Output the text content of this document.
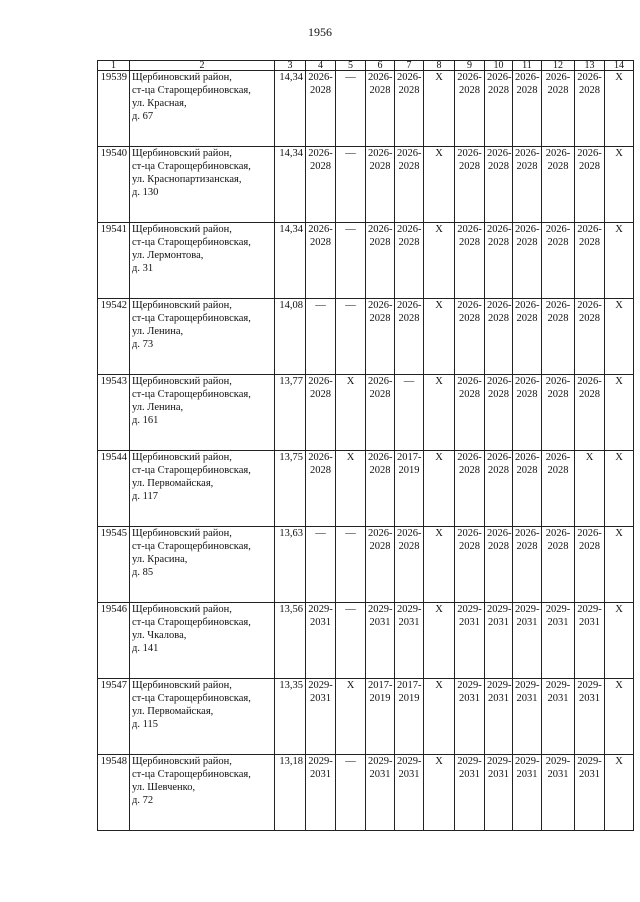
1956
1	2	3	4	5	6	7	8	9	10	11	12	13	14
19539	Щербиновский район,
ст-ца Старощербиновская,
ул. Красная,
д. 67	14,34	2026-2028	—	2026-2028	2026-2028	X	2026-2028	2026-2028	2026-2028	2026-2028	2026-2028	X
19540	Щербиновский район,
ст-ца Старощербиновская,
ул. Краснопартизанская,
д. 130	14,34	2026-2028	—	2026-2028	2026-2028	X	2026-2028	2026-2028	2026-2028	2026-2028	2026-2028	X
19541	Щербиновский район,
ст-ца Старощербиновская,
ул. Лермонтова,
д. 31	14,34	2026-2028	—	2026-2028	2026-2028	X	2026-2028	2026-2028	2026-2028	2026-2028	2026-2028	X
19542	Щербиновский район,
ст-ца Старощербиновская,
ул. Ленина,
д. 73	14,08	—	—	2026-2028	2026-2028	X	2026-2028	2026-2028	2026-2028	2026-2028	2026-2028	X
19543	Щербиновский район,
ст-ца Старощербиновская,
ул. Ленина,
д. 161	13,77	2026-2028	X	2026-2028	—	X	2026-2028	2026-2028	2026-2028	2026-2028	2026-2028	X
19544	Щербиновский район,
ст-ца Старощербиновская,
ул. Первомайская,
д. 117	13,75	2026-2028	X	2026-2028	2017-2019	X	2026-2028	2026-2028	2026-2028	2026-2028	X	X
19545	Щербиновский район,
ст-ца Старощербиновская,
ул. Красина,
д. 85	13,63	—	—	2026-2028	2026-2028	X	2026-2028	2026-2028	2026-2028	2026-2028	2026-2028	X
19546	Щербиновский район,
ст-ца Старощербиновская,
ул. Чкалова,
д. 141	13,56	2029-2031	—	2029-2031	2029-2031	X	2029-2031	2029-2031	2029-2031	2029-2031	2029-2031	X
19547	Щербиновский район,
ст-ца Старощербиновская,
ул. Первомайская,
д. 115	13,35	2029-2031	X	2017-2019	2017-2019	X	2029-2031	2029-2031	2029-2031	2029-2031	2029-2031	X
19548	Щербиновский район,
ст-ца Старощербиновская,
ул. Шевченко,
д. 72	13,18	2029-2031	—	2029-2031	2029-2031	X	2029-2031	2029-2031	2029-2031	2029-2031	2029-2031	X
